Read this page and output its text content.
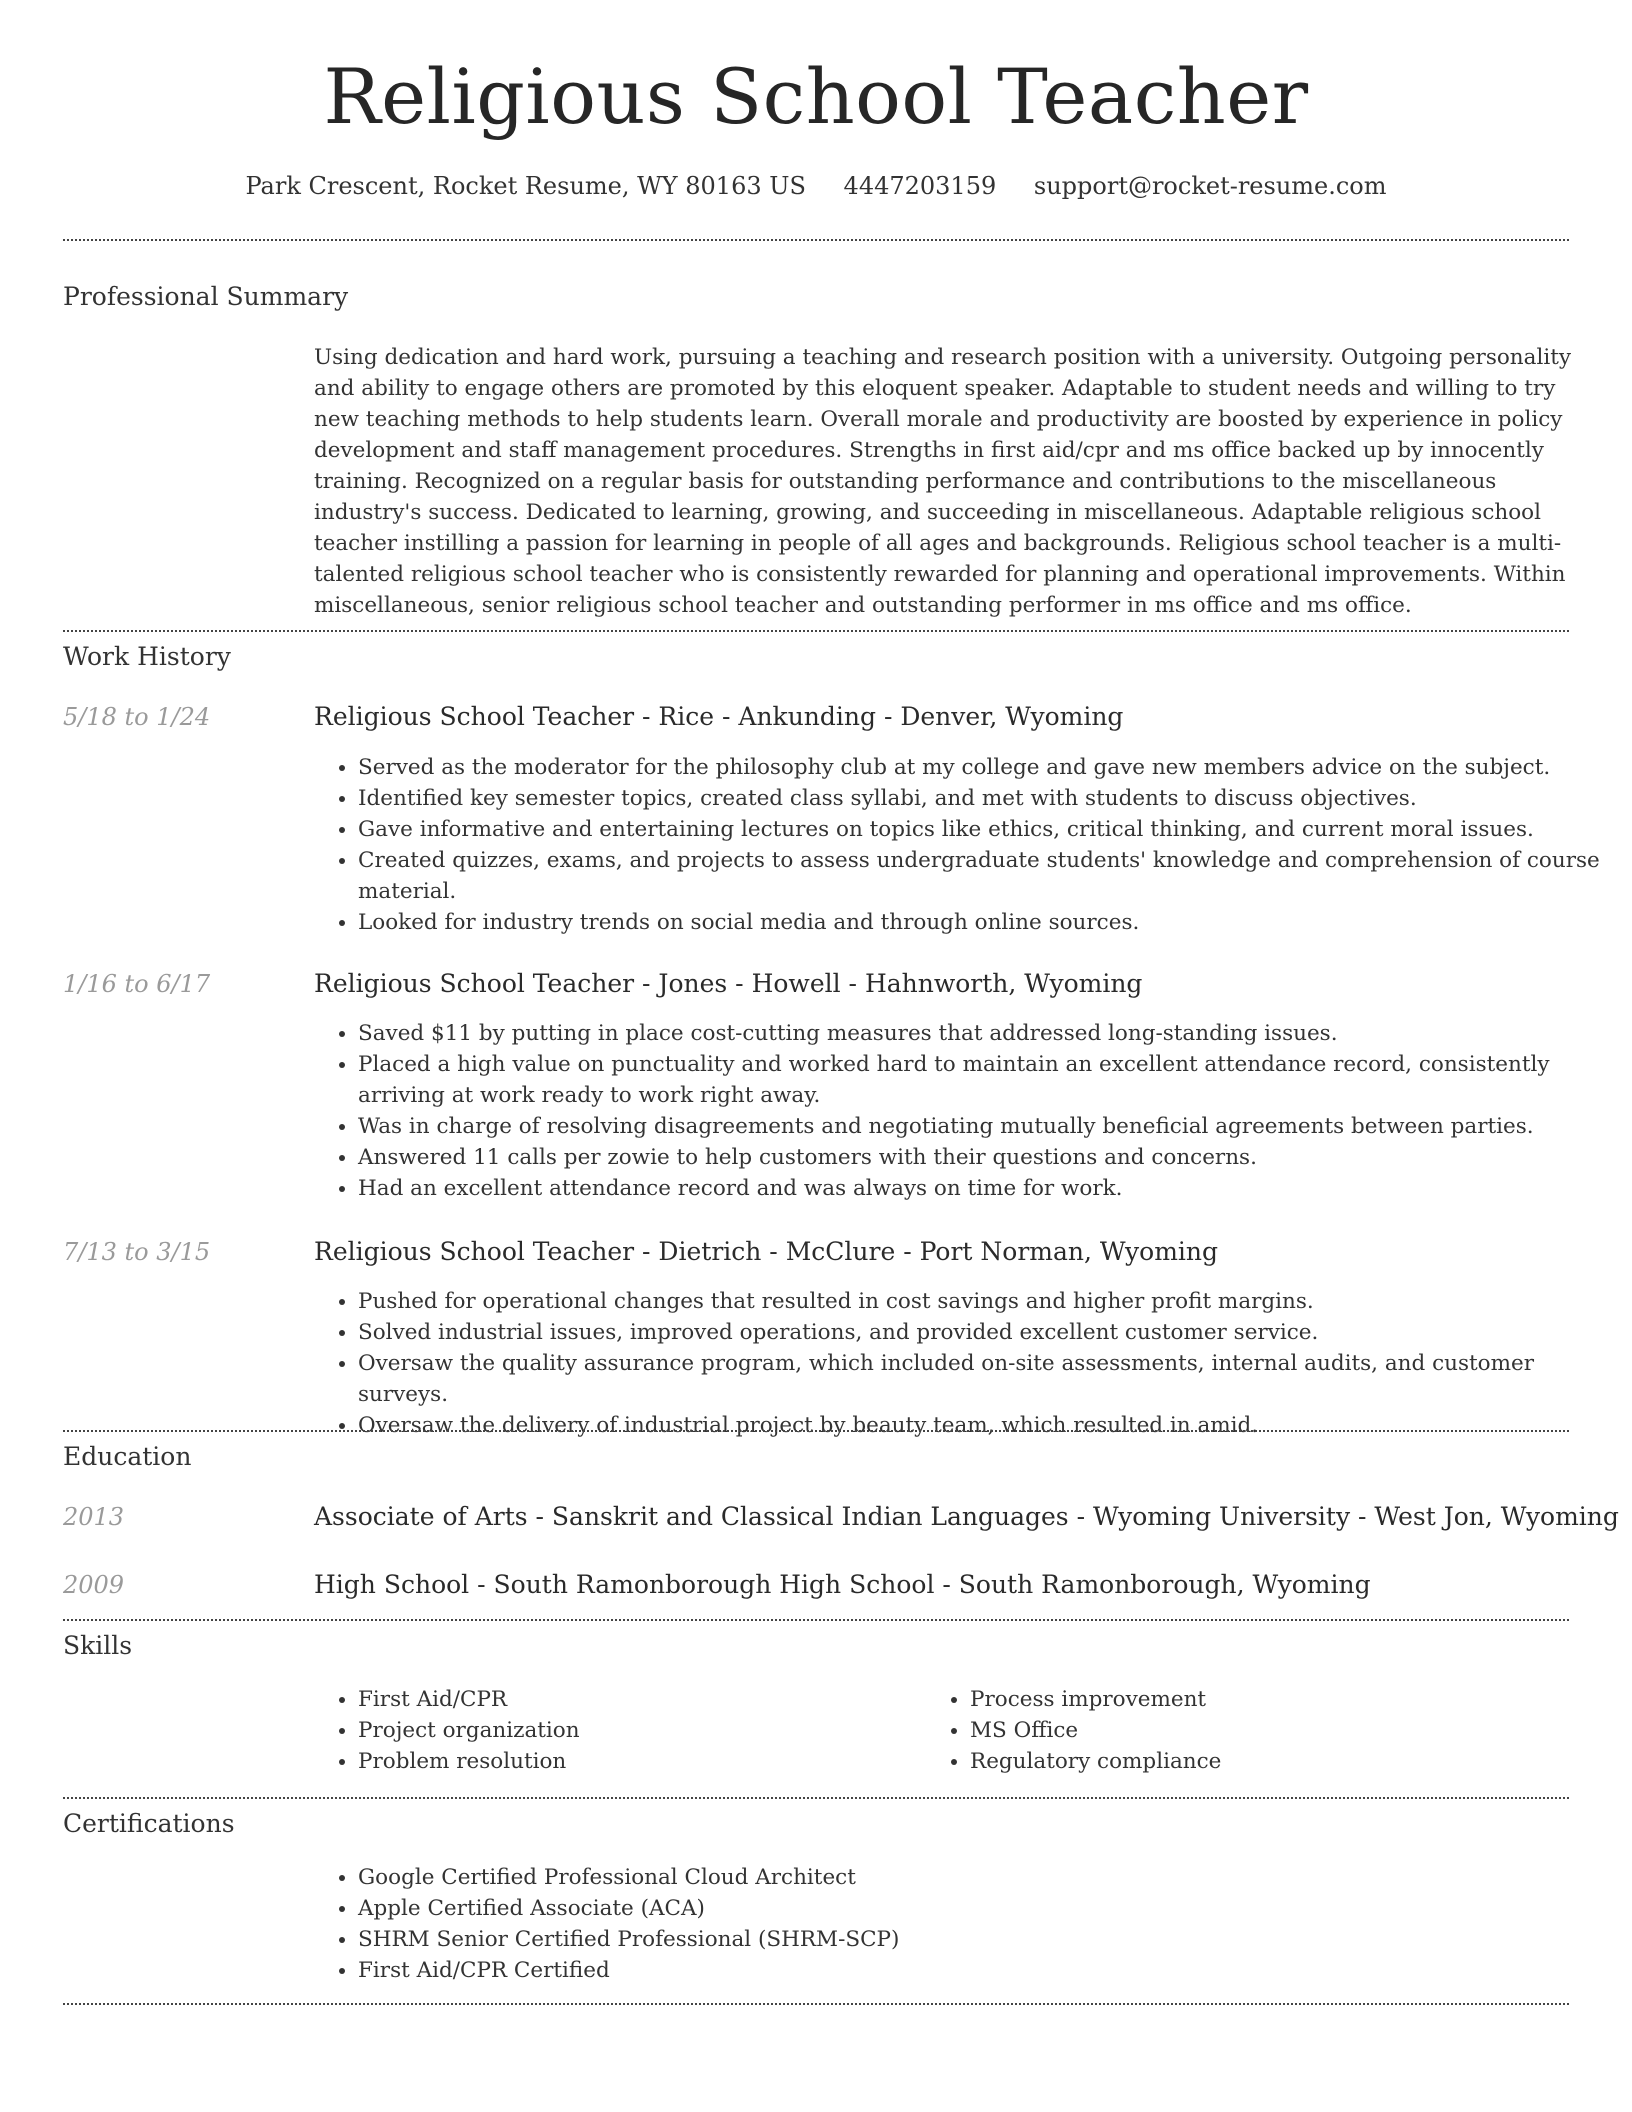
Religious School Teacher
Park Crescent, Rocket Resume, WY 80163 US 4447203159 support@rocket-resume.com
Professional Summary

Using dedication and hard work, pursuing a teaching and research position with a university. Outgoing personality and ability to engage others are promoted by this eloquent speaker. Adaptable to student needs and willing to try new teaching methods to help students learn. Overall morale and productivity are boosted by experience in policy development and staff management procedures. Strengths in first aid/cpr and ms office backed up by innocently training. Recognized on a regular basis for outstanding performance and contributions to the miscellaneous industry's success. Dedicated to learning, growing, and succeeding in miscellaneous. Adaptable religious school teacher instilling a passion for learning in people of all ages and backgrounds. Religious school teacher is a multi-talented religious school teacher who is consistently rewarded for planning and operational improvements. Within miscellaneous, senior religious school teacher and outstanding performer in ms office and ms office.

Work History
5/18 to 1/24	Religious School Teacher - Rice - Ankunding - Denver, Wyoming
• Served as the moderator for the philosophy club at my college and gave new members advice on the subject.
• Identified key semester topics, created class syllabi, and met with students to discuss objectives.
• Gave informative and entertaining lectures on topics like ethics, critical thinking, and current moral issues.
• Created quizzes, exams, and projects to assess undergraduate students' knowledge and comprehension of course material.
• Looked for industry trends on social media and through online sources.
1/16 to 6/17	Religious School Teacher - Jones - Howell - Hahnworth, Wyoming
• Saved $11 by putting in place cost-cutting measures that addressed long-standing issues.
• Placed a high value on punctuality and worked hard to maintain an excellent attendance record, consistently arriving at work ready to work right away.
• Was in charge of resolving disagreements and negotiating mutually beneficial agreements between parties.
• Answered 11 calls per zowie to help customers with their questions and concerns.
• Had an excellent attendance record and was always on time for work.
7/13 to 3/15	Religious School Teacher - Dietrich - McClure - Port Norman, Wyoming
• Pushed for operational changes that resulted in cost savings and higher profit margins.
• Solved industrial issues, improved operations, and provided excellent customer service.
• Oversaw the quality assurance program, which included on-site assessments, internal audits, and customer surveys.
• Oversaw the delivery of industrial project by beauty team, which resulted in amid.
Education
2013	Associate of Arts - Sanskrit and Classical Indian Languages - Wyoming University - West Jon, Wyoming
2009	High School - South Ramonborough High School - South Ramonborough, Wyoming
Skills
• First Aid/CPR
• Project organization
• Problem resolution
• Process improvement
• MS Office
• Regulatory compliance
Certifications
• Google Certified Professional Cloud Architect
• Apple Certified Associate (ACA)
• SHRM Senior Certified Professional (SHRM-SCP)
• First Aid/CPR Certified
